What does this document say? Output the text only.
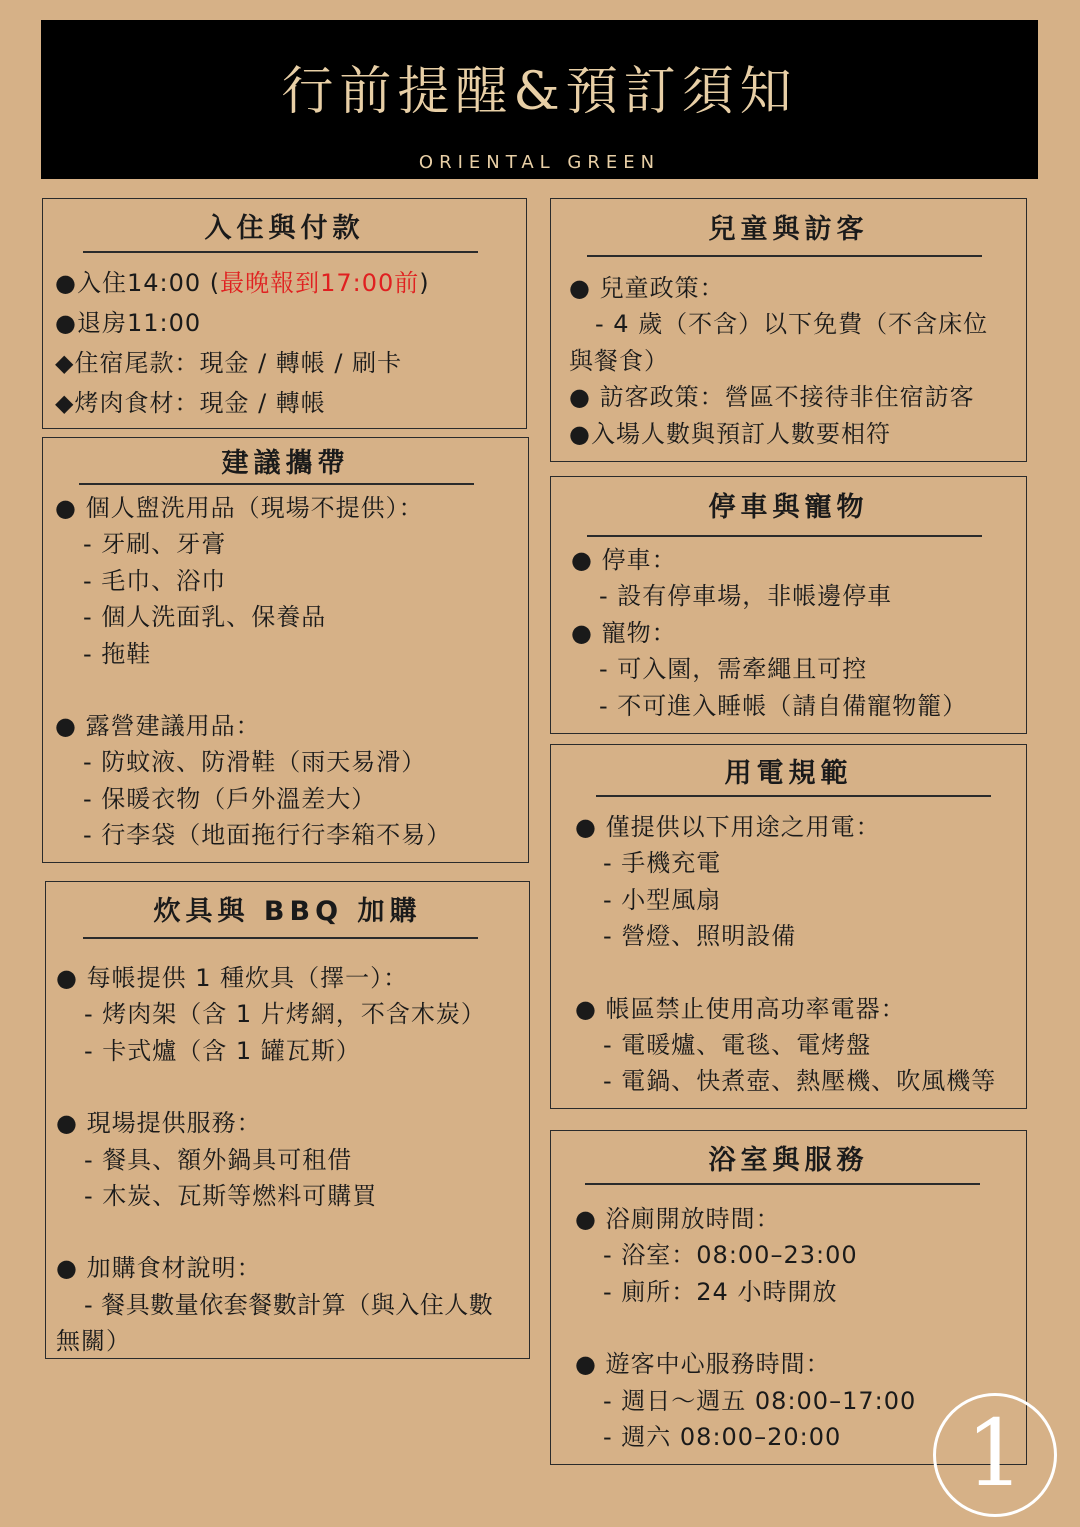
行前提醒&預訂須知
ORIENTAL GREEN
入住與付款
●入住14:00 (最晚報到17:00前)
●退房11:00
◆住宿尾款：現金 / 轉帳 / 刷卡
◆烤肉食材：現金 / 轉帳
兒童與訪客
● 兒童政策：
- 4 歲（不含）以下免費（不含床位
與餐食）
● 訪客政策：營區不接待非住宿訪客
●入場人數與預訂人數要相符
建議攜帶
● 個人盥洗用品（現場不提供）：
- 牙刷、牙膏
- 毛巾、浴巾
- 個人洗面乳、保養品
- 拖鞋
● 露營建議用品：
- 防蚊液、防滑鞋（雨天易滑）
- 保暖衣物（戶外溫差大）
- 行李袋（地面拖行行李箱不易）
停車與寵物
● 停車：
- 設有停車場，非帳邊停車
● 寵物：
- 可入園，需牽繩且可控
- 不可進入睡帳（請自備寵物籠）
用電規範
● 僅提供以下用途之用電：
- 手機充電
- 小型風扇
- 營燈、照明設備
● 帳區禁止使用高功率電器：
- 電暖爐、電毯、電烤盤
- 電鍋、快煮壺、熱壓機、吹風機等
炊具與 BBQ 加購
● 每帳提供 1 種炊具（擇一）：
- 烤肉架（含 1 片烤網，不含木炭）
- 卡式爐（含 1 罐瓦斯）
● 現場提供服務：
- 餐具、額外鍋具可租借
- 木炭、瓦斯等燃料可購買
● 加購食材說明：
- 餐具數量依套餐數計算（與入住人數
無關）
浴室與服務
● 浴廁開放時間：
- 浴室：08:00–23:00
- 廁所：24 小時開放
● 遊客中心服務時間：
- 週日～週五 08:00–17:00
- 週六 08:00–20:00	1
